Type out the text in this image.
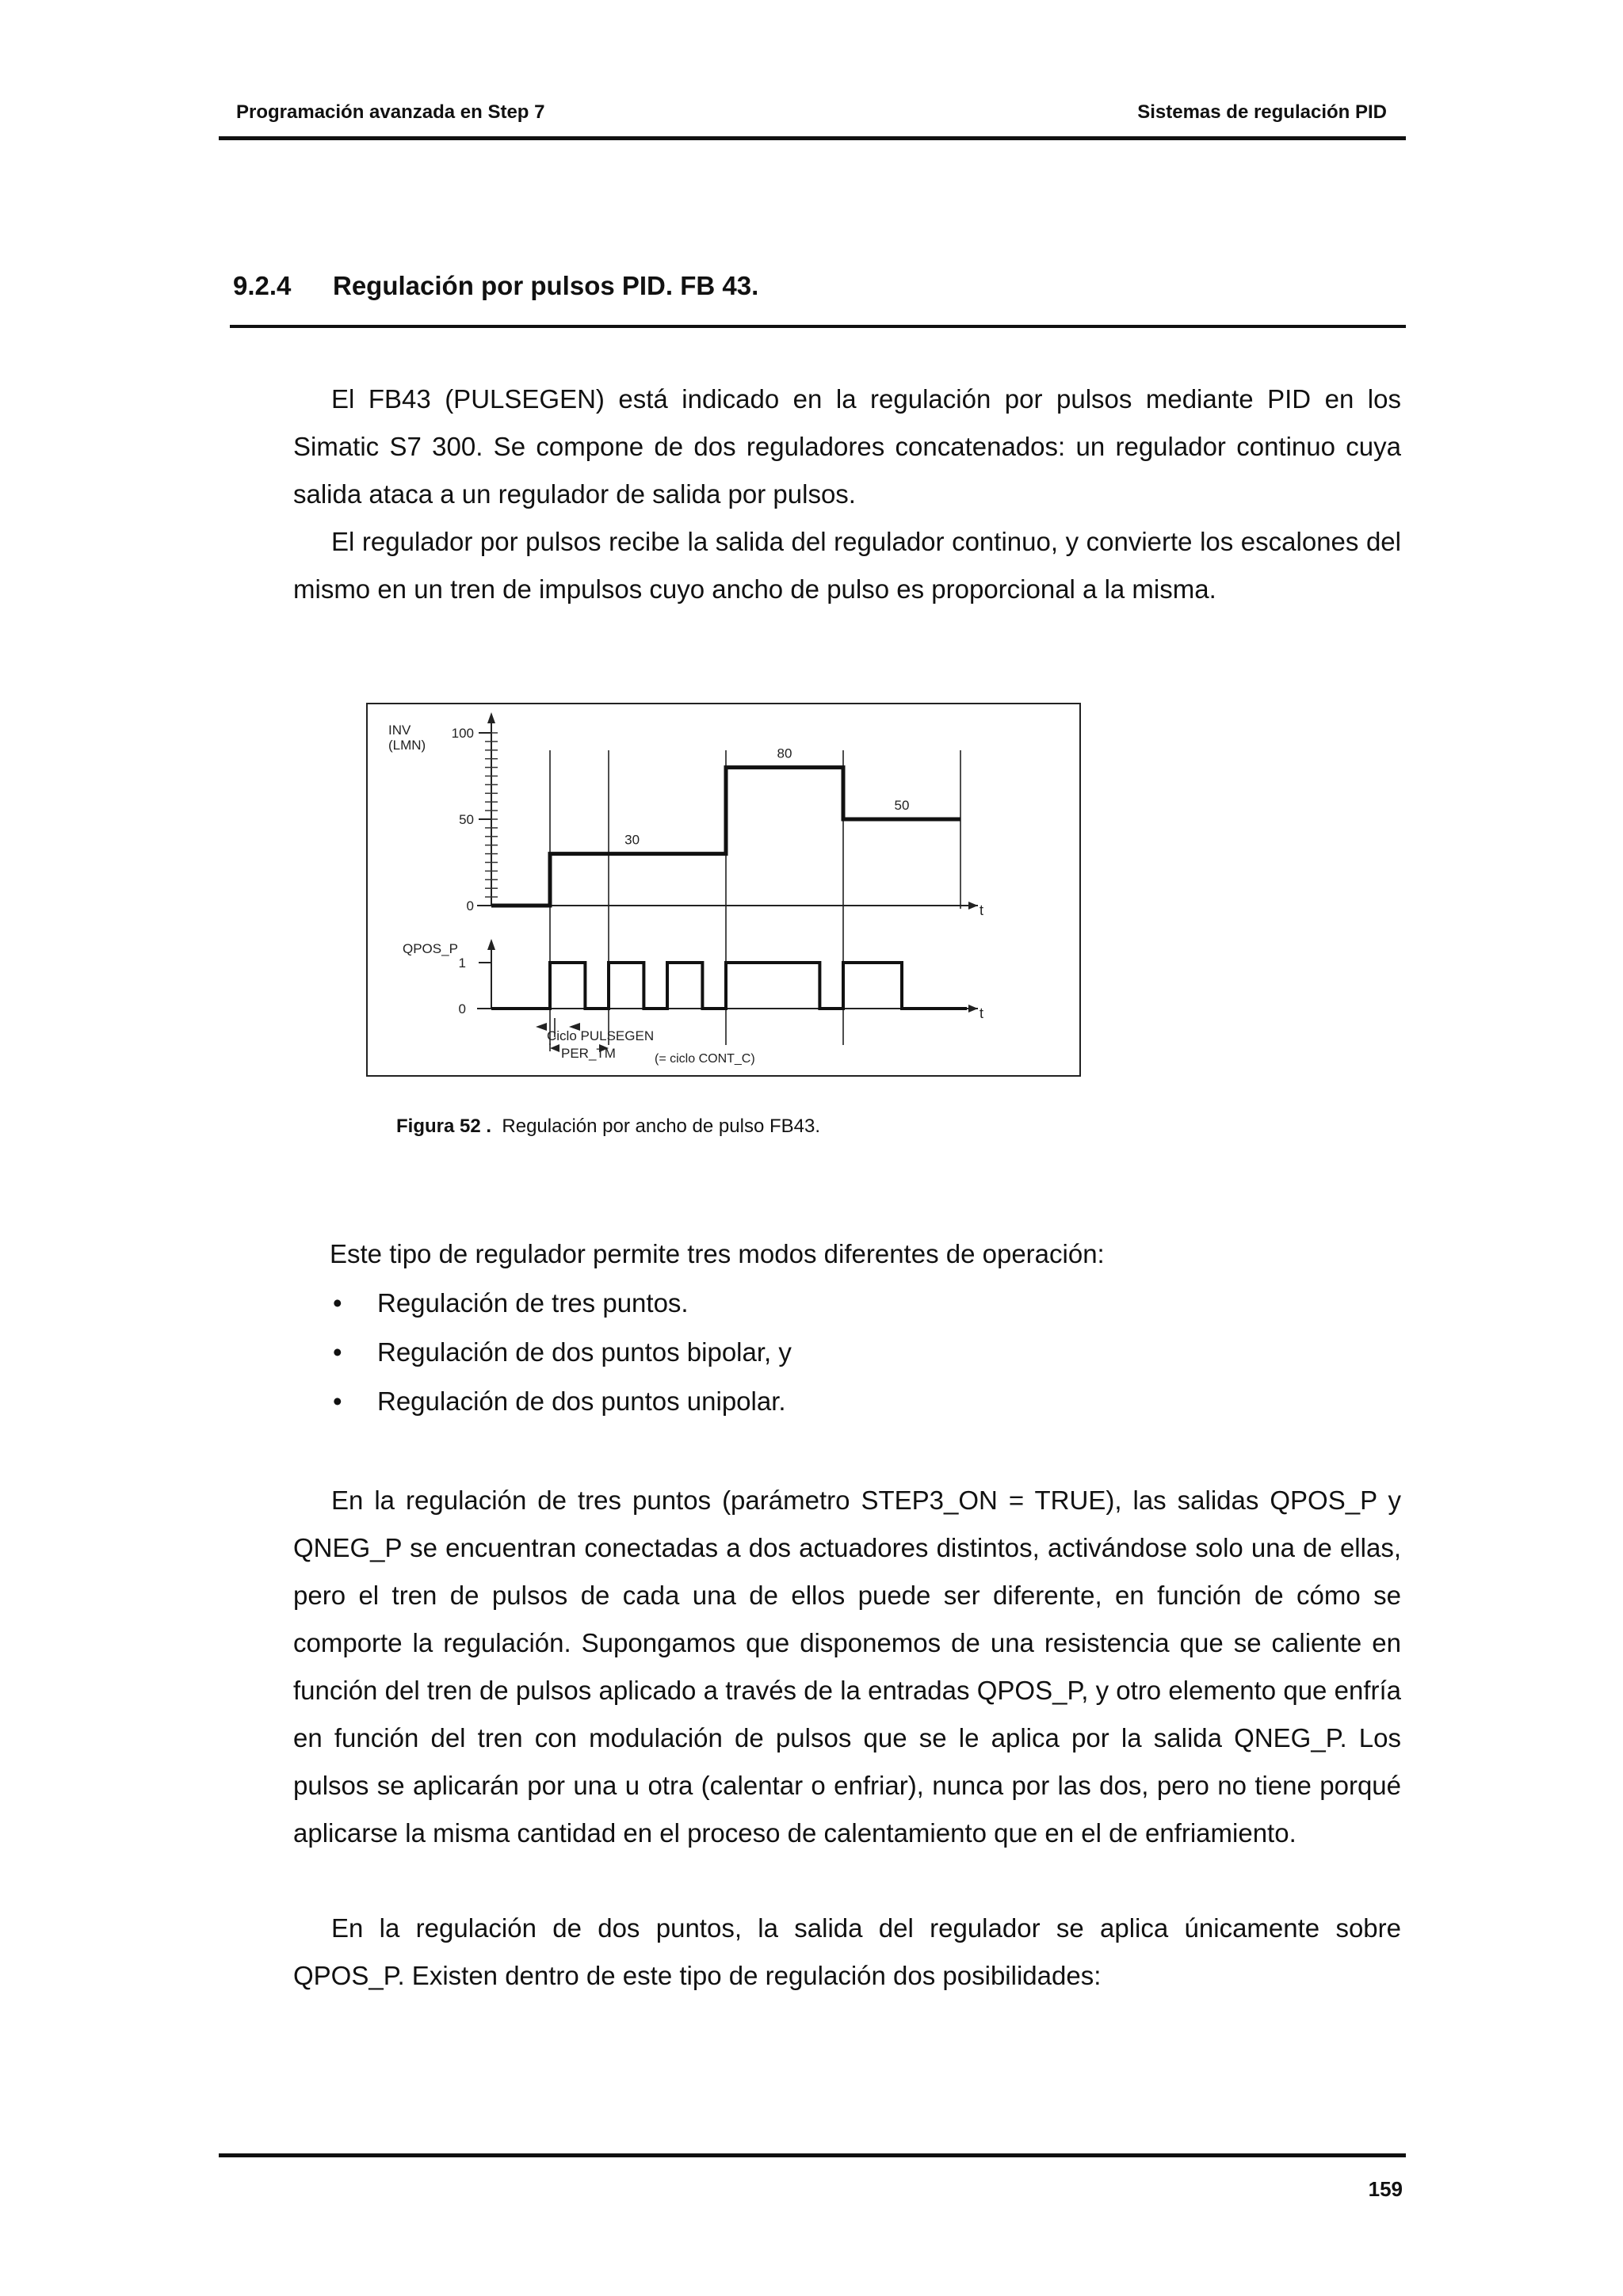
Programación avanzada en Step 7	Sistemas de regulación PID
9.2.4 Regulación por pulsos PID. FB 43.
El FB43 (PULSEGEN) está indicado en la regulación por pulsos mediante PID en los Simatic S7 300. Se compone de dos reguladores concatenados: un regulador continuo cuya salida ataca a un regulador de salida por pulsos.
El regulador por pulsos recibe la salida del regulador continuo, y convierte los escalones del mismo en un tren de impulsos cuyo ancho de pulso es proporcional a la misma.
0
50
100
0
1
30
80
50
INV
(LMN)
QPOS_P
t
t
Ciclo PULSEGEN
PER_TM	(= ciclo CONT_C)
Figura 52 . Regulación por ancho de pulso FB43.
Este tipo de regulador permite tres modos diferentes de operación:
• Regulación de tres puntos.
• Regulación de dos puntos bipolar, y
• Regulación de dos puntos unipolar.
En la regulación de tres puntos (parámetro STEP3_ON = TRUE), las salidas QPOS_P y QNEG_P se encuentran conectadas a dos actuadores distintos, activándose solo una de ellas, pero el tren de pulsos de cada una de ellos puede ser diferente, en función de cómo se comporte la regulación. Supongamos que disponemos de una resistencia que se caliente en función del tren de pulsos aplicado a través de la entradas QPOS_P, y otro elemento que enfría en función del tren con modulación de pulsos que se le aplica por la salida QNEG_P. Los pulsos se aplicarán por una u otra (calentar o enfriar), nunca por las dos, pero no tiene porqué aplicarse la misma cantidad en el proceso de calentamiento que en el de enfriamiento.
En la regulación de dos puntos, la salida del regulador se aplica únicamente sobre QPOS_P. Existen dentro de este tipo de regulación dos posibilidades:
159
